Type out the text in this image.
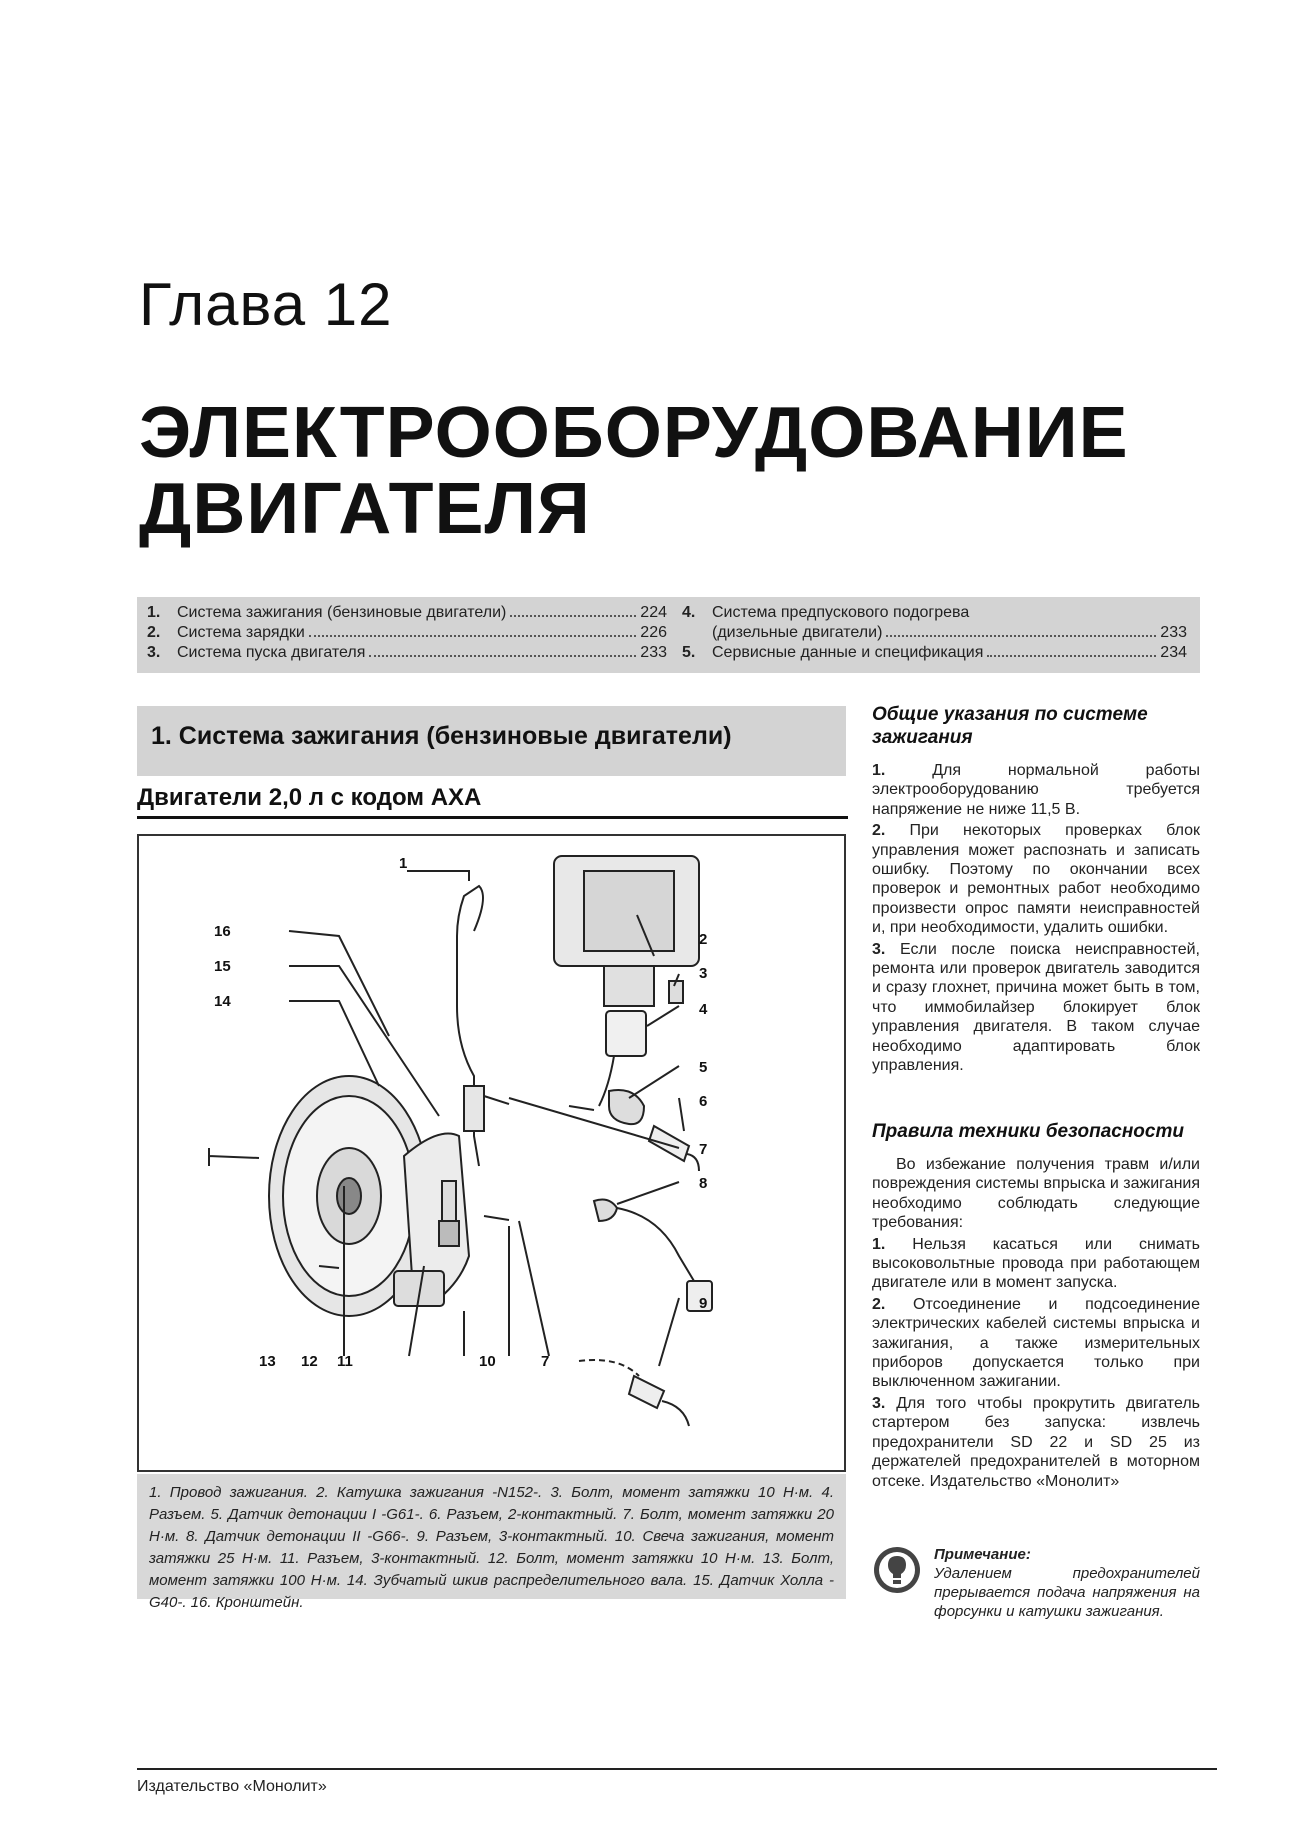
Глава 12
ЭЛЕКТРООБОРУДОВАНИЕ
ДВИГАТЕЛЯ
1.	Система зажигания (бензиновые двигатели)	224
2.	Система зарядки	226
3.	Система пуска двигателя	233
4.	Система предпускового подогрева
(дизельные двигатели)	233
5.	Сервисные данные и спецификация	234
1. Система зажигания (бензиновые двигатели)
Двигатели 2,0 л с кодом АХА
1
2
3
4
5
6
7
8
9
10	7
11
12
13
14
15
16
1. Провод зажигания. 2. Катушка зажигания -N152-. 3. Болт, момент затяжки 10 Н·м. 4. Разъем. 5. Датчик детонации I -G61-. 6. Разъем, 2-контактный. 7. Болт, момент затяжки 20 Н·м. 8. Датчик детонации II -G66-. 9. Разъем, 3-контактный. 10. Свеча зажигания, момент затяжки 25 Н·м. 11. Разъем, 3-контактный. 12. Болт, момент затяжки 10 Н·м. 13. Болт, момент затяжки 100 Н·м. 14. Зубчатый шкив распределительного вала. 15. Датчик Холла -G40-. 16. Кронштейн.
Общие указания по системе зажигания

1.	Для нормальной работы электрооборудованию требуется напряжение не ниже 11,5 В.

2. При некоторых проверках блок управления может распознать и записать ошибку. Поэтому по окончании всех проверок и ремонтных работ необходимо произвести опрос памяти неисправностей и, при необходимости, удалить ошибки.

3. Если после поиска неисправностей, ремонта или проверок двигатель заводится и сразу глохнет, причина может быть в том, что иммобилайзер блокирует блок управления двигателя. В таком случае необходимо адаптировать блок управления.

Правила техники безопасности

Во избежание получения травм и/или повреждения системы впрыска и зажигания необходимо соблюдать следующие требования:

1. Нельзя касаться или снимать высоковольтные провода при работающем двигателе или в момент запуска.

2. Отсоединение и подсоединение электрических кабелей системы впрыска и зажигания, а также измерительных приборов допускается только при выключенном зажигании.

3. Для того чтобы прокрутить двигатель стартером без запуска: извлечь предохранители SD 22 и SD 25 из держателей предохранителей в моторном отсеке. Издательство «Монолит»

Примечание:
Удалением предохранителей прерывается подача напряжения на форсунки и катушки зажигания.
Издательство «Монолит»
